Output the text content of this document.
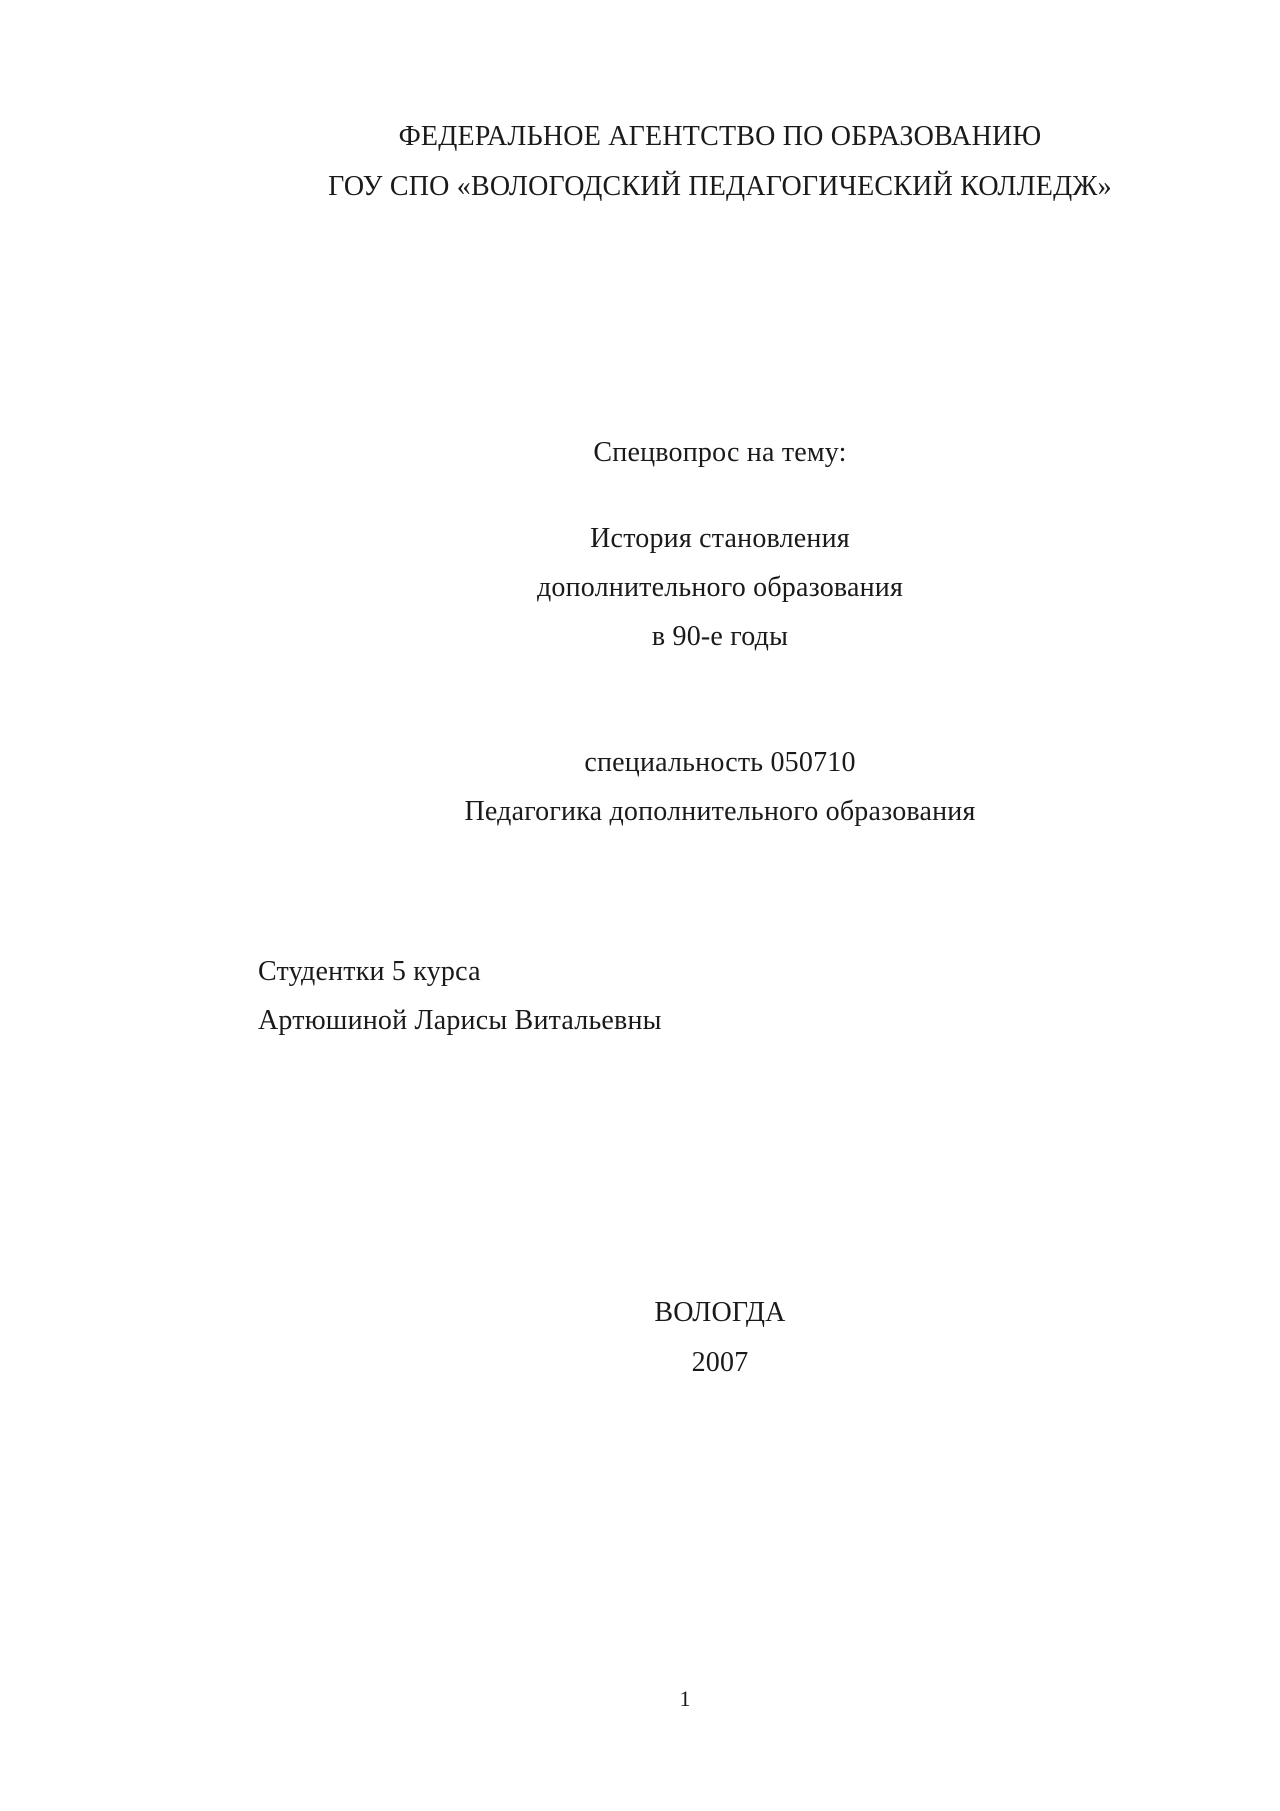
ФЕДЕРАЛЬНОЕ АГЕНТСТВО ПО ОБРАЗОВАНИЮ
ГОУ СПО «ВОЛОГОДСКИЙ ПЕДАГОГИЧЕСКИЙ КОЛЛЕДЖ»
Спецвопрос на тему:
История становления
дополнительного образования
в 90-е годы
специальность 050710
Педагогика дополнительного образования
Студентки 5 курса
Артюшиной Ларисы Витальевны
ВОЛОГДА
2007
1
